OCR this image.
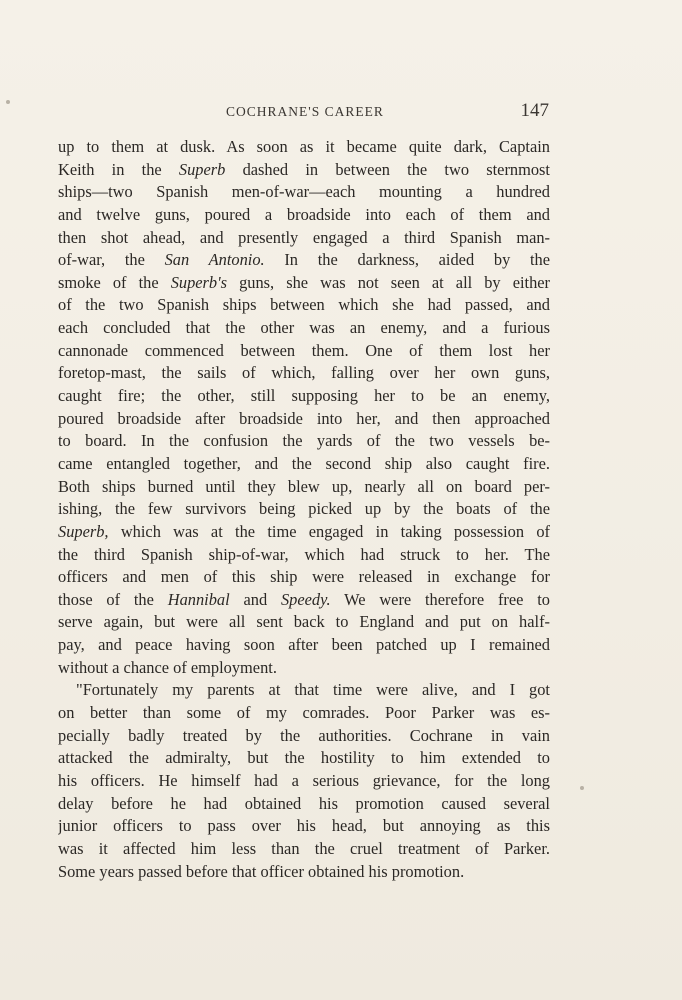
COCHRANE'S CAREER	147
up to them at dusk. As soon as it became quite dark, Captain
Keith in the Superb dashed in between the two sternmost
ships—two Spanish men-of-war—each mounting a hundred
and twelve guns, poured a broadside into each of them and
then shot ahead, and presently engaged a third Spanish man-
of-war, the San Antonio. In the darkness, aided by the
smoke of the Superb's guns, she was not seen at all by either
of the two Spanish ships between which she had passed, and
each concluded that the other was an enemy, and a furious
cannonade commenced between them. One of them lost her
foretop-mast, the sails of which, falling over her own guns,
caught fire; the other, still supposing her to be an enemy,
poured broadside after broadside into her, and then approached
to board. In the confusion the yards of the two vessels be-
came entangled together, and the second ship also caught fire.
Both ships burned until they blew up, nearly all on board per-
ishing, the few survivors being picked up by the boats of the
Superb, which was at the time engaged in taking possession of
the third Spanish ship-of-war, which had struck to her. The
officers and men of this ship were released in exchange for
those of the Hannibal and Speedy. We were therefore free to
serve again, but were all sent back to England and put on half-
pay, and peace having soon after been patched up I remained
without a chance of employment.
"Fortunately my parents at that time were alive, and I got
on better than some of my comrades. Poor Parker was es-
pecially badly treated by the authorities. Cochrane in vain
attacked the admiralty, but the hostility to him extended to
his officers. He himself had a serious grievance, for the long
delay before he had obtained his promotion caused several
junior officers to pass over his head, but annoying as this
was it affected him less than the cruel treatment of Parker.
Some years passed before that officer obtained his promotion.
